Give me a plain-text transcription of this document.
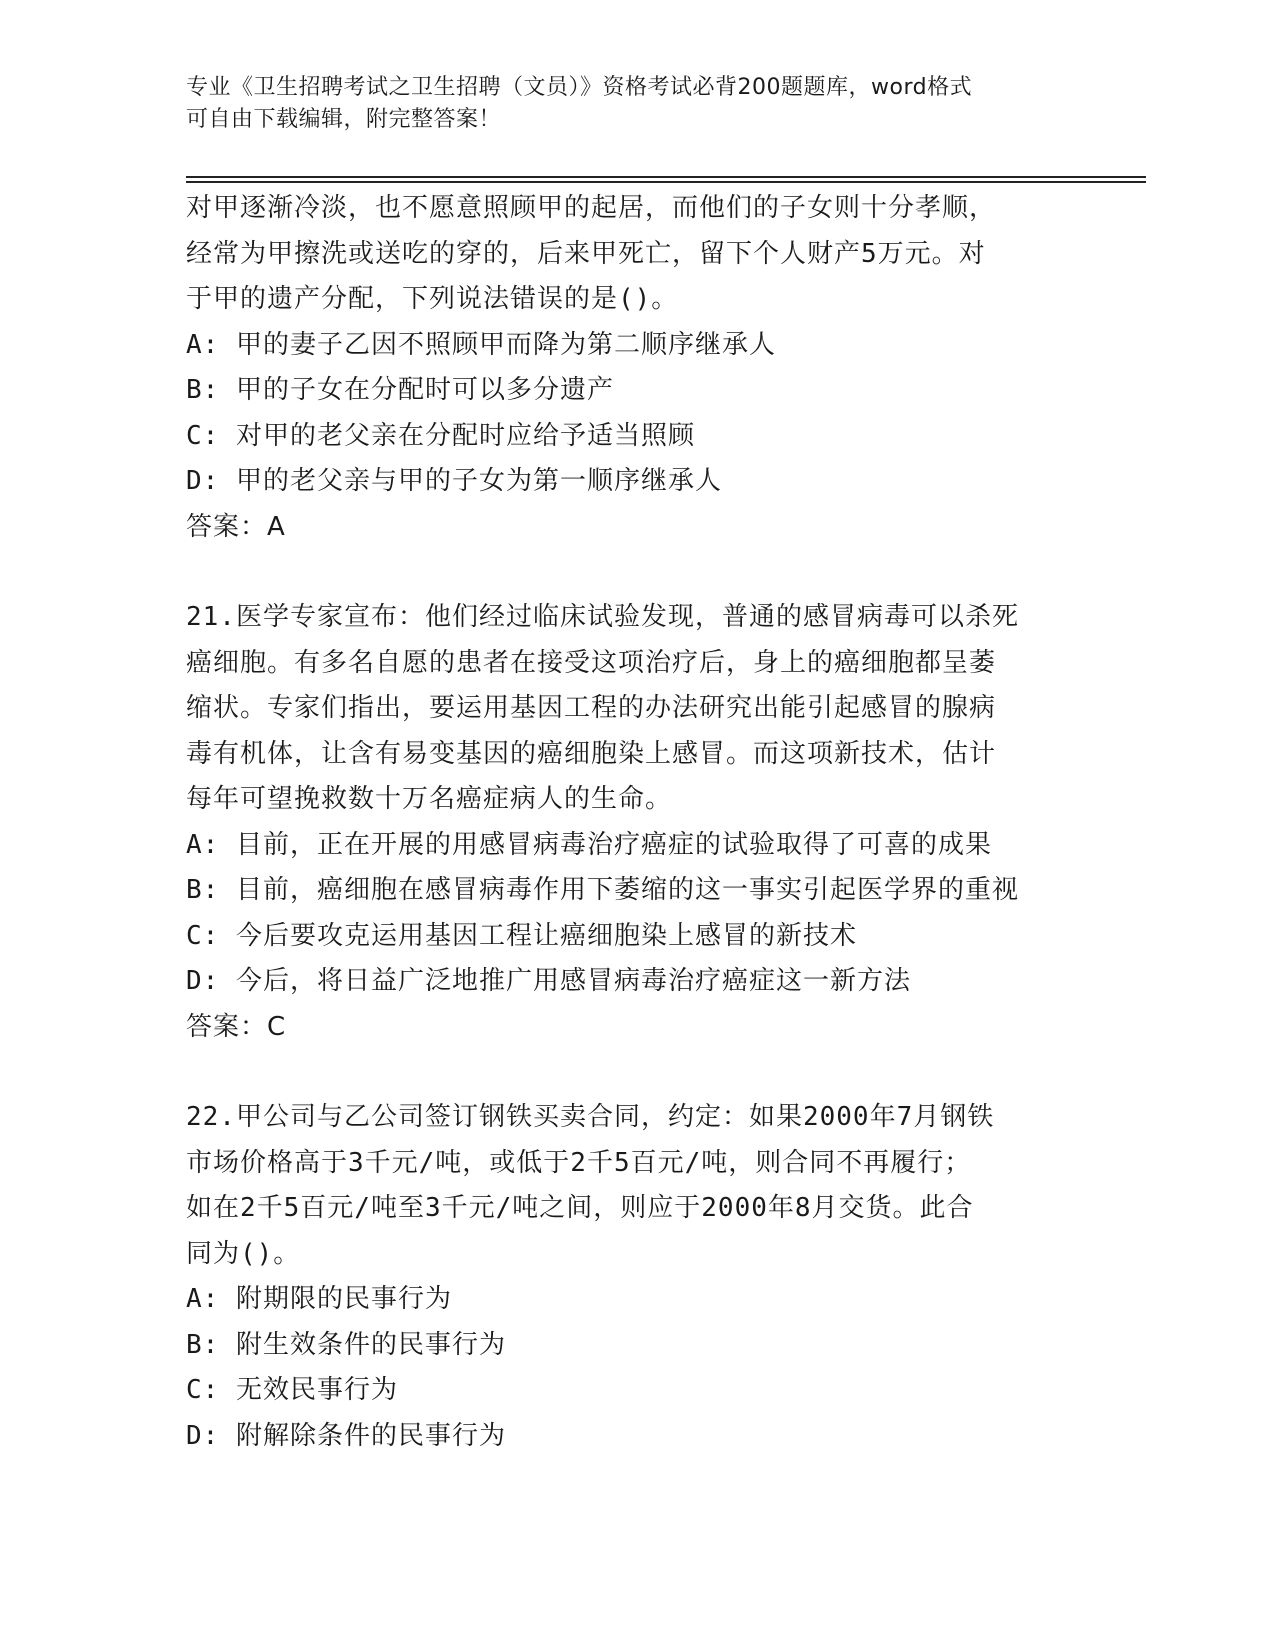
专业《卫生招聘考试之卫生招聘（文员）》资格考试必背200题题库，word格式
可自由下载编辑，附完整答案！
对甲逐渐冷淡，也不愿意照顾甲的起居，而他们的子女则十分孝顺，
经常为甲擦洗或送吃的穿的，后来甲死亡，留下个人财产5万元。对
于甲的遗产分配，下列说法错误的是()。
A: 甲的妻子乙因不照顾甲而降为第二顺序继承人
B: 甲的子女在分配时可以多分遗产
C: 对甲的老父亲在分配时应给予适当照顾
D: 甲的老父亲与甲的子女为第一顺序继承人
答案：A
21.医学专家宣布：他们经过临床试验发现，普通的感冒病毒可以杀死
癌细胞。有多名自愿的患者在接受这项治疗后，身上的癌细胞都呈萎
缩状。专家们指出，要运用基因工程的办法研究出能引起感冒的腺病
毒有机体，让含有易变基因的癌细胞染上感冒。而这项新技术，估计
每年可望挽救数十万名癌症病人的生命。
A: 目前，正在开展的用感冒病毒治疗癌症的试验取得了可喜的成果
B: 目前，癌细胞在感冒病毒作用下萎缩的这一事实引起医学界的重视
C: 今后要攻克运用基因工程让癌细胞染上感冒的新技术
D: 今后，将日益广泛地推广用感冒病毒治疗癌症这一新方法
答案：C
22.甲公司与乙公司签订钢铁买卖合同，约定：如果2000年7月钢铁
市场价格高于3千元/吨，或低于2千5百元/吨，则合同不再履行；
如在2千5百元/吨至3千元/吨之间，则应于2000年8月交货。此合
同为()。
A: 附期限的民事行为
B: 附生效条件的民事行为
C: 无效民事行为
D: 附解除条件的民事行为
